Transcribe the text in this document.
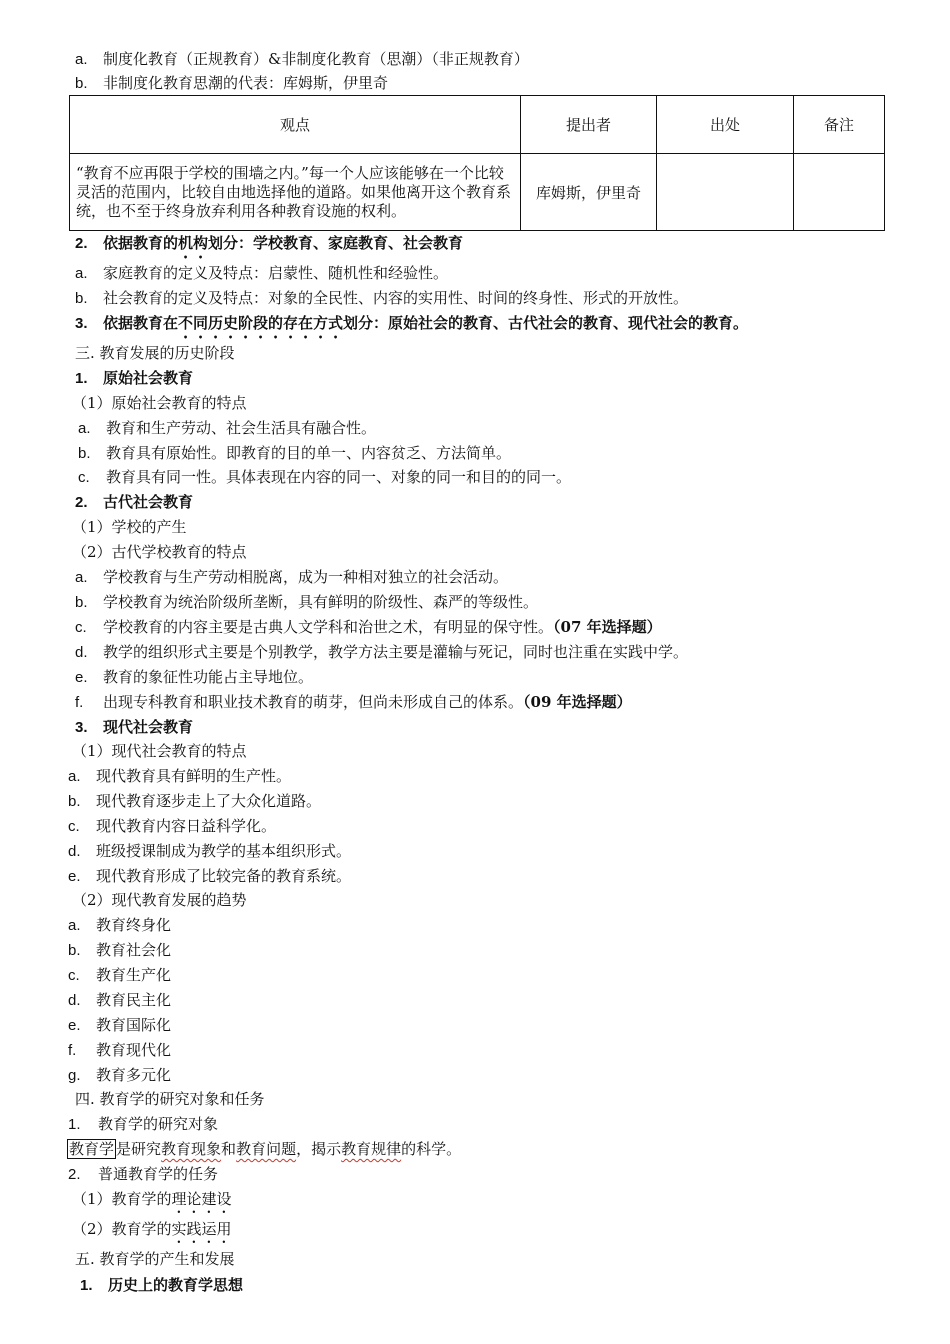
a. 制度化教育（正规教育）&非制度化教育（思潮）（非正规教育）
b. 非制度化教育思潮的代表：库姆斯，伊里奇
观点	提出者	出处	备注
“教育不应再限于学校的围墙之内。”每一个人应该能够在一个比较灵活的范围内，比较自由地选择他的道路。如果他离开这个教育系统，也不至于终身放弃利用各种教育设施的权利。	库姆斯，伊里奇		
2. 依据教育的机构划分：学校教育、家庭教育、社会教育
a. 家庭教育的定义及特点：启蒙性、随机性和经验性。
b. 社会教育的定义及特点：对象的全民性、内容的实用性、时间的终身性、形式的开放性。
3. 依据教育在不同历史阶段的存在方式划分：原始社会的教育、古代社会的教育、现代社会的教育。
三. 教育发展的历史阶段
1. 原始社会教育
（1）原始社会教育的特点
a. 教育和生产劳动、社会生活具有融合性。
b. 教育具有原始性。即教育的目的单一、内容贫乏、方法简单。
c. 教育具有同一性。具体表现在内容的同一、对象的同一和目的的同一。
2. 古代社会教育
（1）学校的产生
（2）古代学校教育的特点
a. 学校教育与生产劳动相脱离，成为一种相对独立的社会活动。
b. 学校教育为统治阶级所垄断，具有鲜明的阶级性、森严的等级性。
c. 学校教育的内容主要是古典人文学科和治世之术，有明显的保守性。（07 年选择题）
d. 教学的组织形式主要是个别教学，教学方法主要是灌输与死记，同时也注重在实践中学。
e. 教育的象征性功能占主导地位。
f. 出现专科教育和职业技术教育的萌芽，但尚未形成自己的体系。（09 年选择题）
3. 现代社会教育
（1）现代社会教育的特点
a. 现代教育具有鲜明的生产性。
b. 现代教育逐步走上了大众化道路。
c. 现代教育内容日益科学化。
d. 班级授课制成为教学的基本组织形式。
e. 现代教育形成了比较完备的教育系统。
（2）现代教育发展的趋势
a. 教育终身化
b. 教育社会化
c. 教育生产化
d. 教育民主化
e. 教育国际化
f. 教育现代化
g. 教育多元化
四. 教育学的研究对象和任务
1. 教育学的研究对象
教育学 是研究教育现象和教育问题，揭示教育规律的科学。
2. 普通教育学的任务
（1）教育学的理论建设
（2）教育学的实践运用
五. 教育学的产生和发展
1. 历史上的教育学思想
